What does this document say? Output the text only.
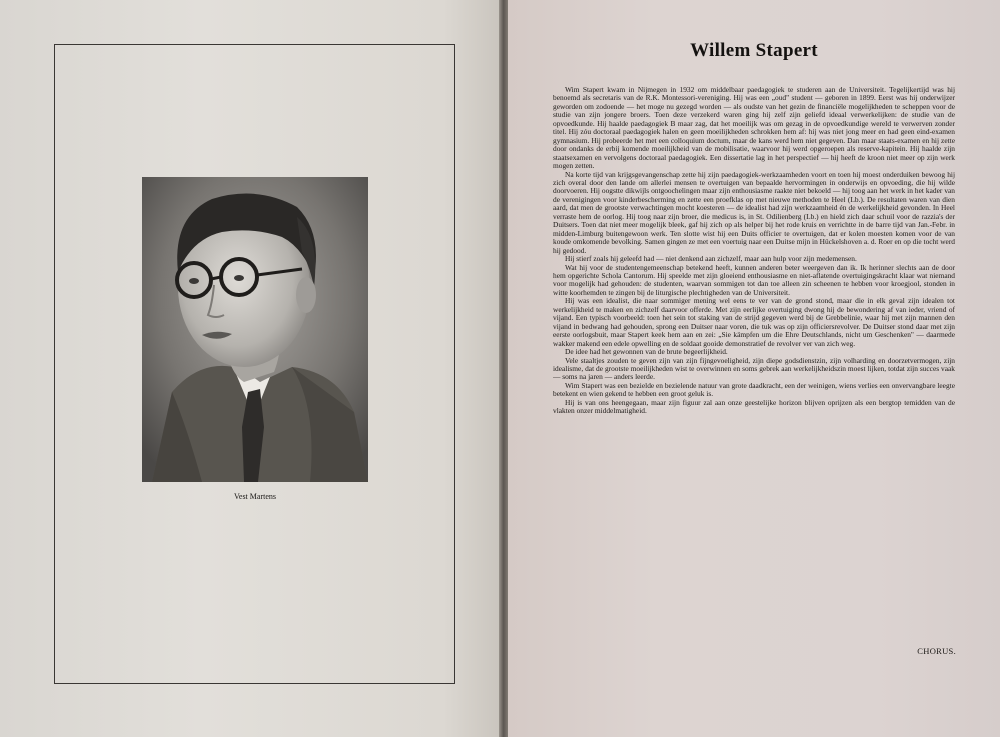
Vest Martens
Willem Stapert

Wim Stapert kwam in Nijmegen in 1932 om middelbaar paedagogiek te studeren aan de Universiteit. Tegelijkertijd was hij benoemd als secretaris van de R.K. Montessori-vereniging. Hij was een „oud" student — geboren in 1899. Eerst was hij onderwijzer geworden om zodoende — het moge nu gezegd worden — als oudste van het gezin de financiële mogelijkheden te scheppen voor de studie van zijn jongere broers. Toen deze verzekerd waren ging hij zelf zijn geliefd ideaal verwerkelijken: de studie van de opvoedkunde. Hij haalde paedagogiek B maar zag, dat het moeilijk was om gezag in de opvoedkundige wereld te verwerven zonder titel. Hij zóu doctoraal paedagogiek halen en geen moeilijkheden schrokken hem af: hij was niet jong meer en had geen eind-examen gymnasium. Hij probeerde het met een colloquium doctum, maar de kans werd hem niet gegeven. Dan maar staats-examen en hij zette door ondanks de erbij komende moeilijkheid van de mobilisatie, waarvoor hij werd opgeroepen als reserve-kapitein. Hij haalde zijn staatsexamen en vervolgens doctoraal paedagogiek. Een dissertatie lag in het perspectief — hij heeft de kroon niet meer op zijn werk mogen zetten.

Na korte tijd van krijgsgevangenschap zette hij zijn paedagogiek-werkzaamheden voort en toen hij moest onderduiken bewoog hij zich overal door den lande om allerlei mensen te overtuigen van bepaalde hervormingen in onderwijs en opvoeding, die hij wilde doorvoeren. Hij oogstte dikwijls ontgoochelingen maar zijn enthousiasme raakte niet bekoeld — hij toog aan het werk in het kader van de verenigingen voor kinderbescherming en zette een proefklas op met nieuwe methoden te Heel (Lb.). De resultaten waren van dien aard, dat men de grootste verwachtingen mocht koesteren — de idealist had zijn werkzaamheid én de werkelijkheid gevonden. In Heel verraste hem de oorlog. Hij toog naar zijn broer, die medicus is, in St. Odilienberg (Lb.) en hield zich daar schuil voor de razzia's der Duitsers. Toen dat niet meer mogelijk bleek, gaf hij zich op als helper bij het rode kruis en verrichtte in de barre tijd van Jan.-Febr. in midden-Limburg buitengewoon werk. Ten slotte wist hij een Duits officier te overtuigen, dat er kolen moesten komen voor de van koude omkomende bevolking. Samen gingen ze met een voertuig naar een Duitse mijn in Hückelshoven a. d. Roer en op die tocht werd hij gedood.

Hij stierf zoals hij geleefd had — niet denkend aan zichzelf, maar aan hulp voor zijn medemensen.

Wat hij voor de studentengemeenschap betekend heeft, kunnen anderen beter weergeven dan ik. Ik herinner slechts aan de door hem opgerichte Schola Cantorum. Hij speelde met zijn gloeiend enthousiasme en niet-aflatende overtuigingskracht klaar wat niemand voor mogelijk had gehouden: de studenten, waarvan sommigen tot dan toe alleen zin scheenen te hebben voor kroegjool, stonden in witte koorhemden te zingen bij de liturgische plechtigheden van de Universiteit.

Hij was een idealist, die naar sommiger mening wel eens te ver van de grond stond, maar die in elk geval zijn idealen tot werkelijkheid te maken en zichzelf daarvoor offerde. Met zijn eerlijke overtuiging dwong hij de bewondering af van ieder, vriend of vijand. Een typisch voorbeeld: toen het sein tot staking van de strijd gegeven werd bij de Grebbelinie, waar hij met zijn mannen den vijand in bedwang had gehouden, sprong een Duitser naar voren, die tuk was op zijn officiersrevolver. De Duitser stond daar met zijn eerste oorlogsbuit, maar Stapert keek hem aan en zei: „Sie kämpfen um die Ehre Deutschlands, nicht um Geschenken" — daarmede wakker makend een edele opwelling en de soldaat gooide demonstratief de revolver ver van zich weg.

De idee had het gewonnen van de brute begeerlijkheid.

Vele staaltjes zouden te geven zijn van zijn fijngevoeligheid, zijn diepe godsdienstzin, zijn volharding en doorzetvermogen, zijn idealisme, dat de grootste moeilijkheden wist te overwinnen en soms gebrek aan werkelijkheidszin moest lijken, totdat zijn succes vaak — soms na jaren — anders leerde.

Wim Stapert was een bezielde en bezielende natuur van grote daadkracht, een der weinigen, wiens verlies een onvervangbare leegte betekent en wien gekend te hebben een groot geluk is.

Hij is van ons heengegaan, maar zijn figuur zal aan onze geestelijke horizon blijven oprijzen als een bergtop temidden van de vlakten onzer middelmatigheid.

CHORUS.
